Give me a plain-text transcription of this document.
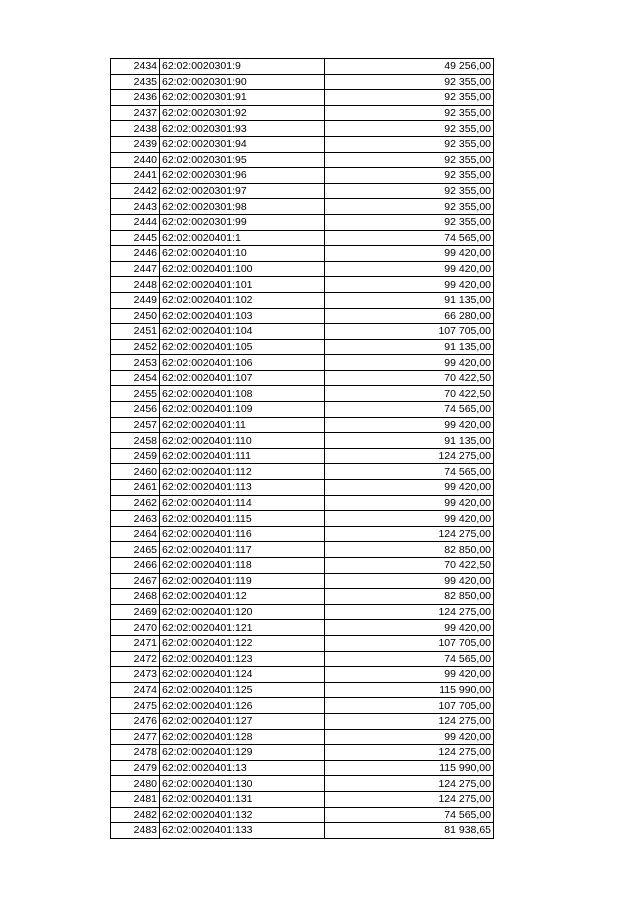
2434	62:02:0020301:9	49 256,00
2435	62:02:0020301:90	92 355,00
2436	62:02:0020301:91	92 355,00
2437	62:02:0020301:92	92 355,00
2438	62:02:0020301:93	92 355,00
2439	62:02:0020301:94	92 355,00
2440	62:02:0020301:95	92 355,00
2441	62:02:0020301:96	92 355,00
2442	62:02:0020301:97	92 355,00
2443	62:02:0020301:98	92 355,00
2444	62:02:0020301:99	92 355,00
2445	62:02:0020401:1	74 565,00
2446	62:02:0020401:10	99 420,00
2447	62:02:0020401:100	99 420,00
2448	62:02:0020401:101	99 420,00
2449	62:02:0020401:102	91 135,00
2450	62:02:0020401:103	66 280,00
2451	62:02:0020401:104	107 705,00
2452	62:02:0020401:105	91 135,00
2453	62:02:0020401:106	99 420,00
2454	62:02:0020401:107	70 422,50
2455	62:02:0020401:108	70 422,50
2456	62:02:0020401:109	74 565,00
2457	62:02:0020401:11	99 420,00
2458	62:02:0020401:110	91 135,00
2459	62:02:0020401:111	124 275,00
2460	62:02:0020401:112	74 565,00
2461	62:02:0020401:113	99 420,00
2462	62:02:0020401:114	99 420,00
2463	62:02:0020401:115	99 420,00
2464	62:02:0020401:116	124 275,00
2465	62:02:0020401:117	82 850,00
2466	62:02:0020401:118	70 422,50
2467	62:02:0020401:119	99 420,00
2468	62:02:0020401:12	82 850,00
2469	62:02:0020401:120	124 275,00
2470	62:02:0020401:121	99 420,00
2471	62:02:0020401:122	107 705,00
2472	62:02:0020401:123	74 565,00
2473	62:02:0020401:124	99 420,00
2474	62:02:0020401:125	115 990,00
2475	62:02:0020401:126	107 705,00
2476	62:02:0020401:127	124 275,00
2477	62:02:0020401:128	99 420,00
2478	62:02:0020401:129	124 275,00
2479	62:02:0020401:13	115 990,00
2480	62:02:0020401:130	124 275,00
2481	62:02:0020401:131	124 275,00
2482	62:02:0020401:132	74 565,00
2483	62:02:0020401:133	81 938,65
